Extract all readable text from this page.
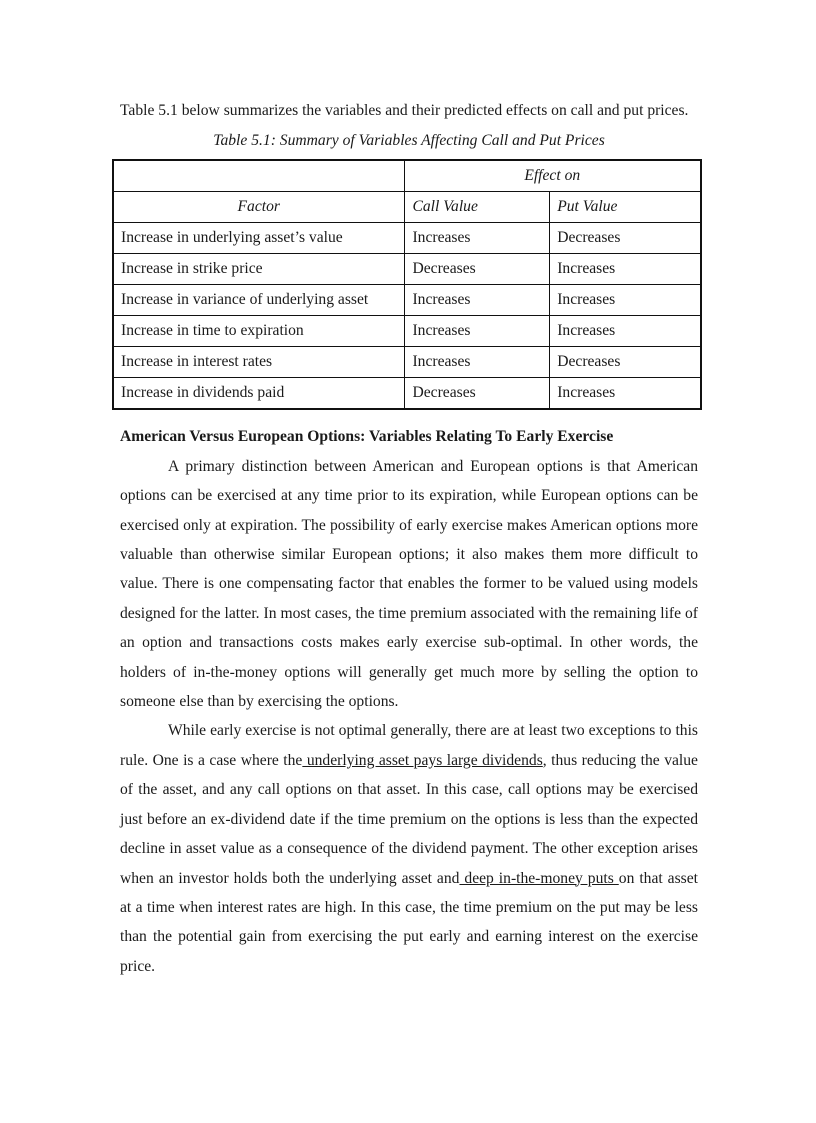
Table 5.1 below summarizes the variables and their predicted effects on call and put prices.

Table 5.1: Summary of Variables Affecting Call and Put Prices
	Effect on	
Factor	Call Value	Put Value
Increase in underlying asset’s value	Increases	Decreases
Increase in strike price	Decreases	Increases
Increase in variance of underlying asset	Increases	Increases
Increase in time to expiration	Increases	Increases
Increase in interest rates	Increases	Decreases
Increase in dividends paid	Decreases	Increases
American Versus European Options: Variables Relating To Early Exercise

A primary distinction between American and European options is that American options can be exercised at any time prior to its expiration, while European options can be exercised only at expiration. The possibility of early exercise makes American options more valuable than otherwise similar European options; it also makes them more difficult to value. There is one compensating factor that enables the former to be valued using models designed for the latter. In most cases, the time premium associated with the remaining life of an option and transactions costs makes early exercise sub-optimal. In other words, the holders of in-the-money options will generally get much more by selling the option to someone else than by exercising the options.

While early exercise is not optimal generally, there are at least two exceptions to this rule. One is a case where the underlying asset pays large dividends, thus reducing the value of the asset, and any call options on that asset. In this case, call options may be exercised just before an ex-dividend date if the time premium on the options is less than the expected decline in asset value as a consequence of the dividend payment. The other exception arises when an investor holds both the underlying asset and deep in-the-money puts on that asset at a time when interest rates are high. In this case, the time premium on the put may be less than the potential gain from exercising the put early and earning interest on the exercise price.
